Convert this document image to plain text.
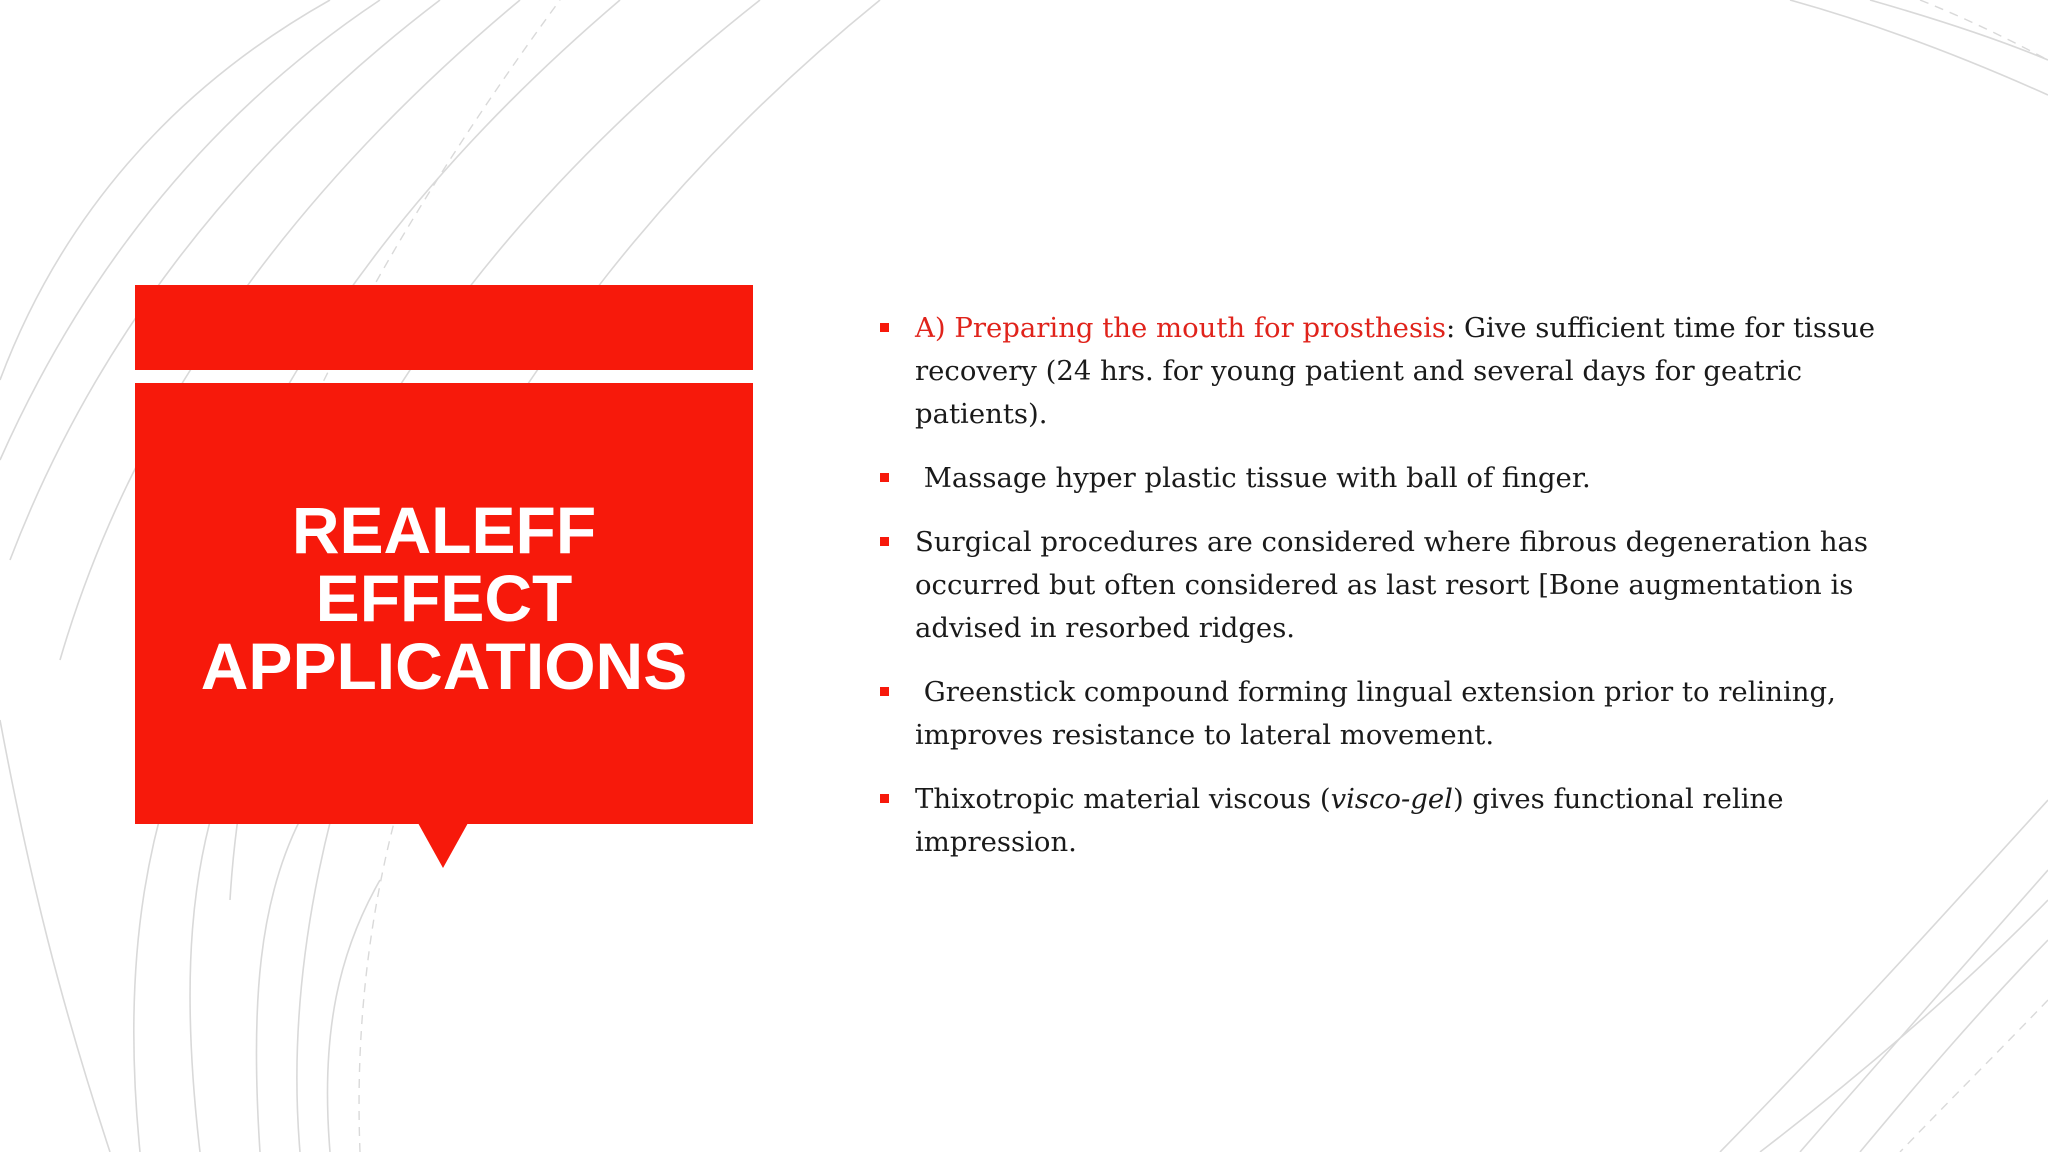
REALEFF
EFFECT
APPLICATIONS
A) Preparing the mouth for prosthesis: Give sufficient time for tissue recovery (24 hrs. for young patient and several days for geatric patients).
Massage hyper plastic tissue with ball of finger.
Surgical procedures are considered where fibrous degeneration has occurred but often considered as last resort [Bone augmentation is advised in resorbed ridges.
Greenstick compound forming lingual extension prior to relining, improves resistance to lateral movement.
Thixotropic material viscous (visco-gel) gives functional reline impression.
